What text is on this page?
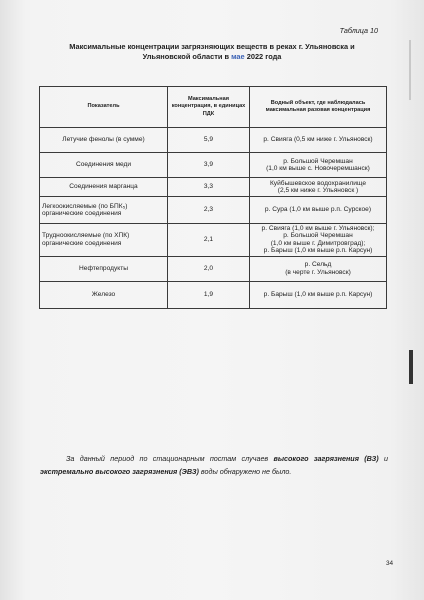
Таблица 10
Максимальные концентрации загрязняющих веществ в реках г. Ульяновска и
Ульяновской области в мае 2022 года
Показатель	Максимальная концентрация, в единицах ПДК	Водный объект, где наблюдалась максимальная разовая концентрация
Летучие фенолы (в сумме)	5,9	р. Свияга (0,5 км ниже г. Ульяновск)

Соединения меди	3,9	р. Большой Черемшан
(1,0 км выше с. Новочеремшанск)

Соединения марганца	3,3	Куйбышевское водохранилище
(2,5 км ниже г. Ульяновск )

Легкоокисляемые (по БПК₅) органические соединения	2,3	р. Сура (1,0 км выше р.п. Сурское)

Трудноокисляемые (по ХПК) органические соединения	2,1	р. Свияга (1,0 км выше г. Ульяновск);
р. Большой Черемшан
(1,0 км выше г. Димитровград);
р. Барыш (1,0 км выше р.п. Карсун)

Нефтепродукты	2,0	р. Сельд
(в черте г. Ульяновск)

Железо	1,9	р. Барыш (1,0 км выше р.п. Карсун)
За данный период по стационарным постам случаев высокого загрязнения (ВЗ) и экстремально высокого загрязнения (ЭВЗ) воды обнаружено не было.
34
